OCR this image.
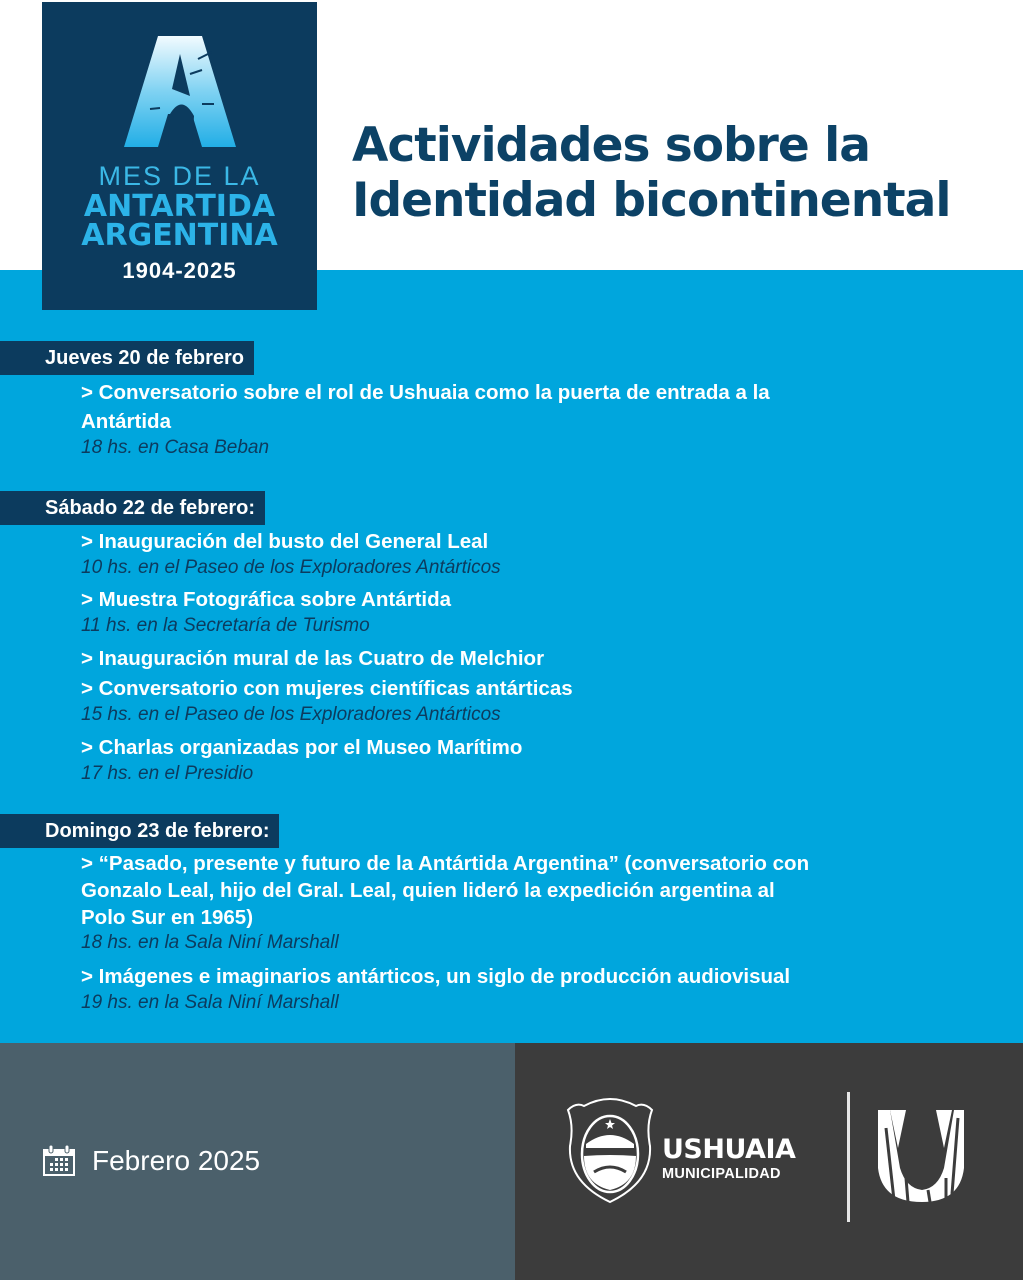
MES DE LA
ANTARTIDA
ARGENTINA
1904-2025
Actividades sobre la
Identidad bicontinental
Jueves 20 de febrero
> Conversatorio sobre el rol de Ushuaia como la puerta de entrada a la
Antártida
18 hs. en Casa Beban
Sábado 22 de febrero:
> Inauguración del busto del General Leal
10 hs. en el Paseo de los Exploradores Antárticos
> Muestra Fotográfica sobre Antártida
11 hs. en la Secretaría de Turismo
> Inauguración mural de las Cuatro de Melchior
> Conversatorio con mujeres científicas antárticas
15 hs. en el Paseo de los Exploradores Antárticos
> Charlas organizadas por el Museo Marítimo
17 hs. en el Presidio
Domingo 23 de febrero:
> “Pasado, presente y futuro de la Antártida Argentina” (conversatorio con
Gonzalo Leal, hijo del Gral. Leal, quien lideró la expedición argentina al
Polo Sur en 1965)
18 hs. en la Sala Niní Marshall
> Imágenes e imaginarios antárticos, un siglo de producción audiovisual
19 hs. en la Sala Niní Marshall
Febrero 2025	USHUAIA
MUNICIPALIDAD
